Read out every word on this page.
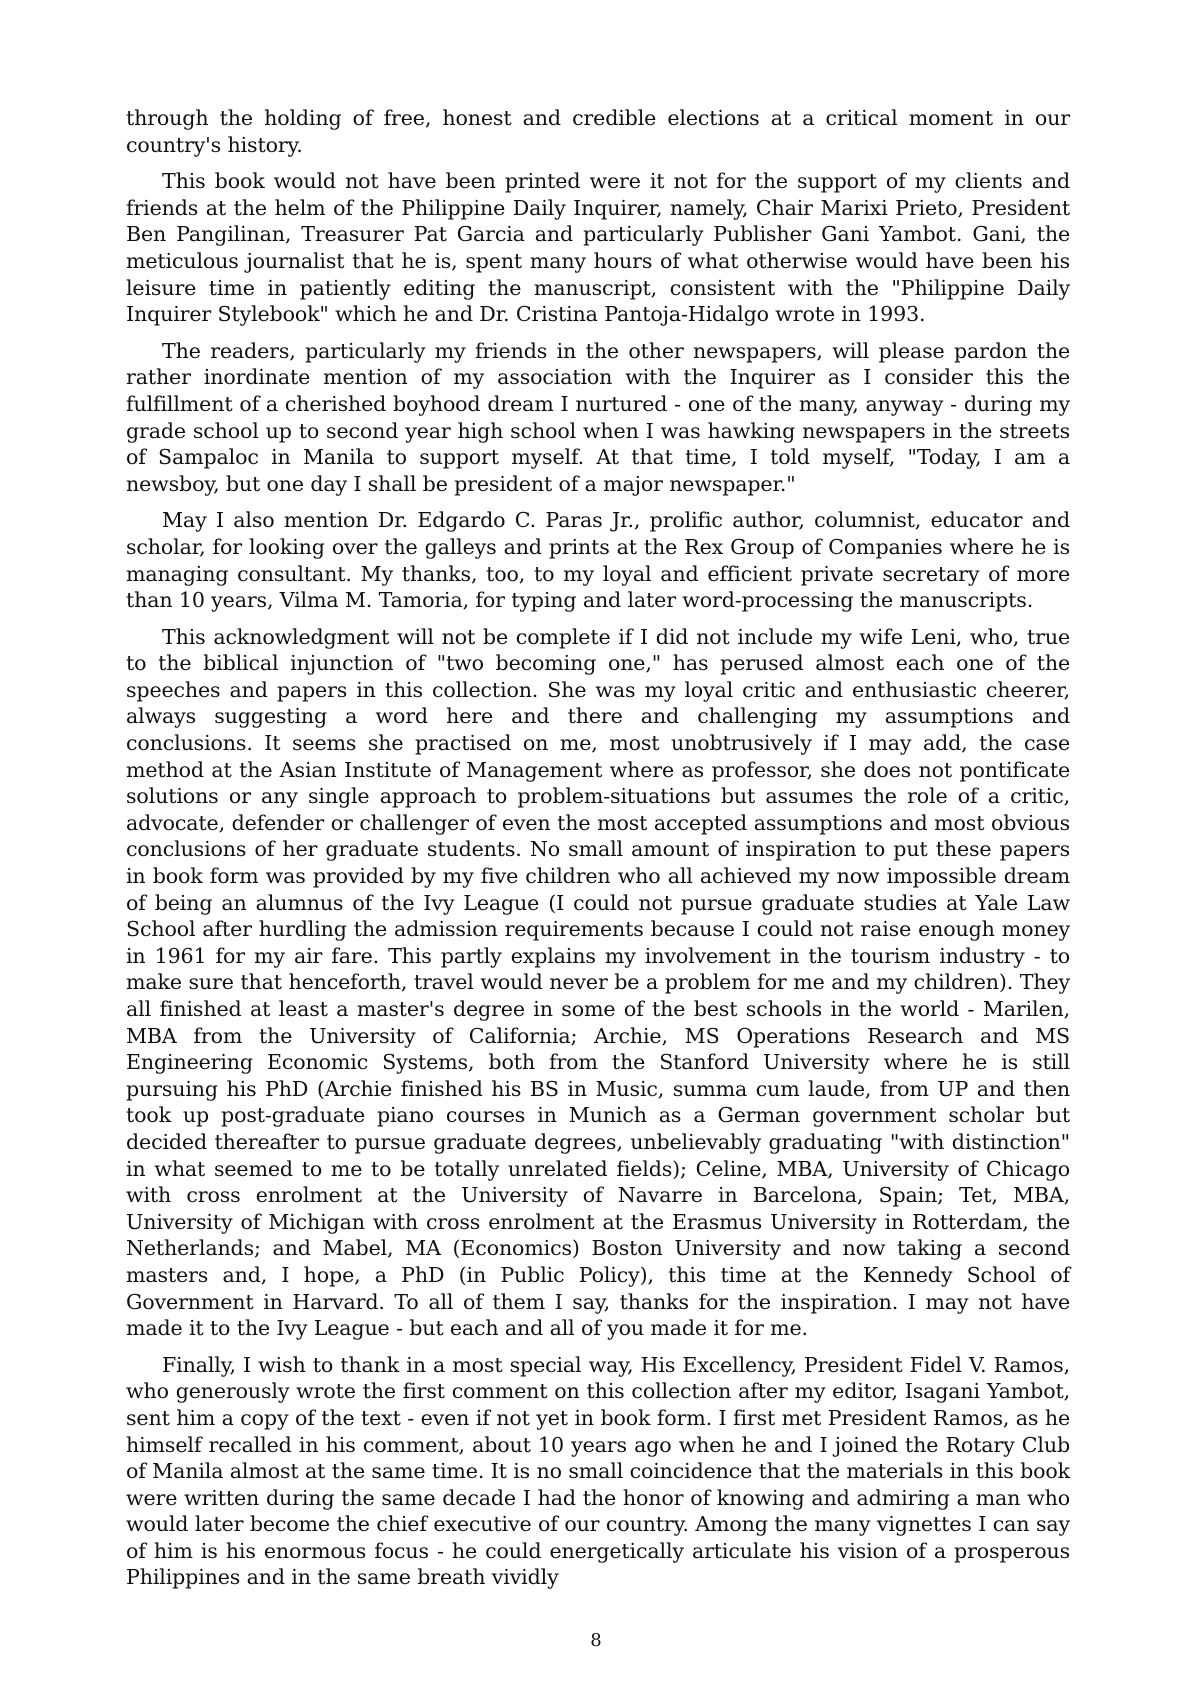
through the holding of free, honest and credible elections at a critical moment in our country's history.

This book would not have been printed were it not for the support of my clients and friends at the helm of the Philippine Daily Inquirer, namely, Chair Marixi Prieto, President Ben Pangilinan, Treasurer Pat Garcia and particularly Publisher Gani Yambot. Gani, the meticulous journalist that he is, spent many hours of what otherwise would have been his leisure time in patiently editing the manuscript, consistent with the "Philippine Daily Inquirer Stylebook" which he and Dr. Cristina Pantoja-Hidalgo wrote in 1993.

The readers, particularly my friends in the other newspapers, will please pardon the rather inordinate mention of my association with the Inquirer as I consider this the fulfillment of a cherished boyhood dream I nurtured - one of the many, anyway - during my grade school up to second year high school when I was hawking newspapers in the streets of Sampaloc in Manila to support myself. At that time, I told myself, "Today, I am a newsboy, but one day I shall be president of a major newspaper."

May I also mention Dr. Edgardo C. Paras Jr., prolific author, columnist, educator and scholar, for looking over the galleys and prints at the Rex Group of Companies where he is managing consultant. My thanks, too, to my loyal and efficient private secretary of more than 10 years, Vilma M. Tamoria, for typing and later word-processing the manuscripts.

This acknowledgment will not be complete if I did not include my wife Leni, who, true to the biblical injunction of "two becoming one," has perused almost each one of the speeches and papers in this collection. She was my loyal critic and enthusiastic cheerer, always suggesting a word here and there and challenging my assumptions and conclusions. It seems she practised on me, most unobtrusively if I may add, the case method at the Asian Institute of Management where as professor, she does not pontificate solutions or any single approach to problem-situations but assumes the role of a critic, advocate, defender or challenger of even the most accepted assumptions and most obvious conclusions of her graduate students. No small amount of inspiration to put these papers in book form was provided by my five children who all achieved my now impossible dream of being an alumnus of the Ivy League (I could not pursue graduate studies at Yale Law School after hurdling the admission requirements because I could not raise enough money in 1961 for my air fare. This partly explains my involvement in the tourism industry - to make sure that henceforth, travel would never be a problem for me and my children). They all finished at least a master's degree in some of the best schools in the world - Marilen, MBA from the University of California; Archie, MS Operations Research and MS Engineering Economic Systems, both from the Stanford University where he is still pursuing his PhD (Archie finished his BS in Music, summa cum laude, from UP and then took up post-graduate piano courses in Munich as a German government scholar but decided thereafter to pursue graduate degrees, unbelievably graduating "with distinction" in what seemed to me to be totally unrelated fields); Celine, MBA, University of Chicago with cross enrolment at the University of Navarre in Barcelona, Spain; Tet, MBA, University of Michigan with cross enrolment at the Erasmus University in Rotterdam, the Netherlands; and Mabel, MA (Economics) Boston University and now taking a second masters and, I hope, a PhD (in Public Policy), this time at the Kennedy School of Government in Harvard. To all of them I say, thanks for the inspiration. I may not have made it to the Ivy League - but each and all of you made it for me.

Finally, I wish to thank in a most special way, His Excellency, President Fidel V. Ramos, who generously wrote the first comment on this collection after my editor, Isagani Yambot, sent him a copy of the text - even if not yet in book form. I first met President Ramos, as he himself recalled in his comment, about 10 years ago when he and I joined the Rotary Club of Manila almost at the same time. It is no small coincidence that the materials in this book were written during the same decade I had the honor of knowing and admiring a man who would later become the chief executive of our country. Among the many vignettes I can say of him is his enormous focus - he could energetically articulate his vision of a prosperous Philippines and in the same breath vividly

8
